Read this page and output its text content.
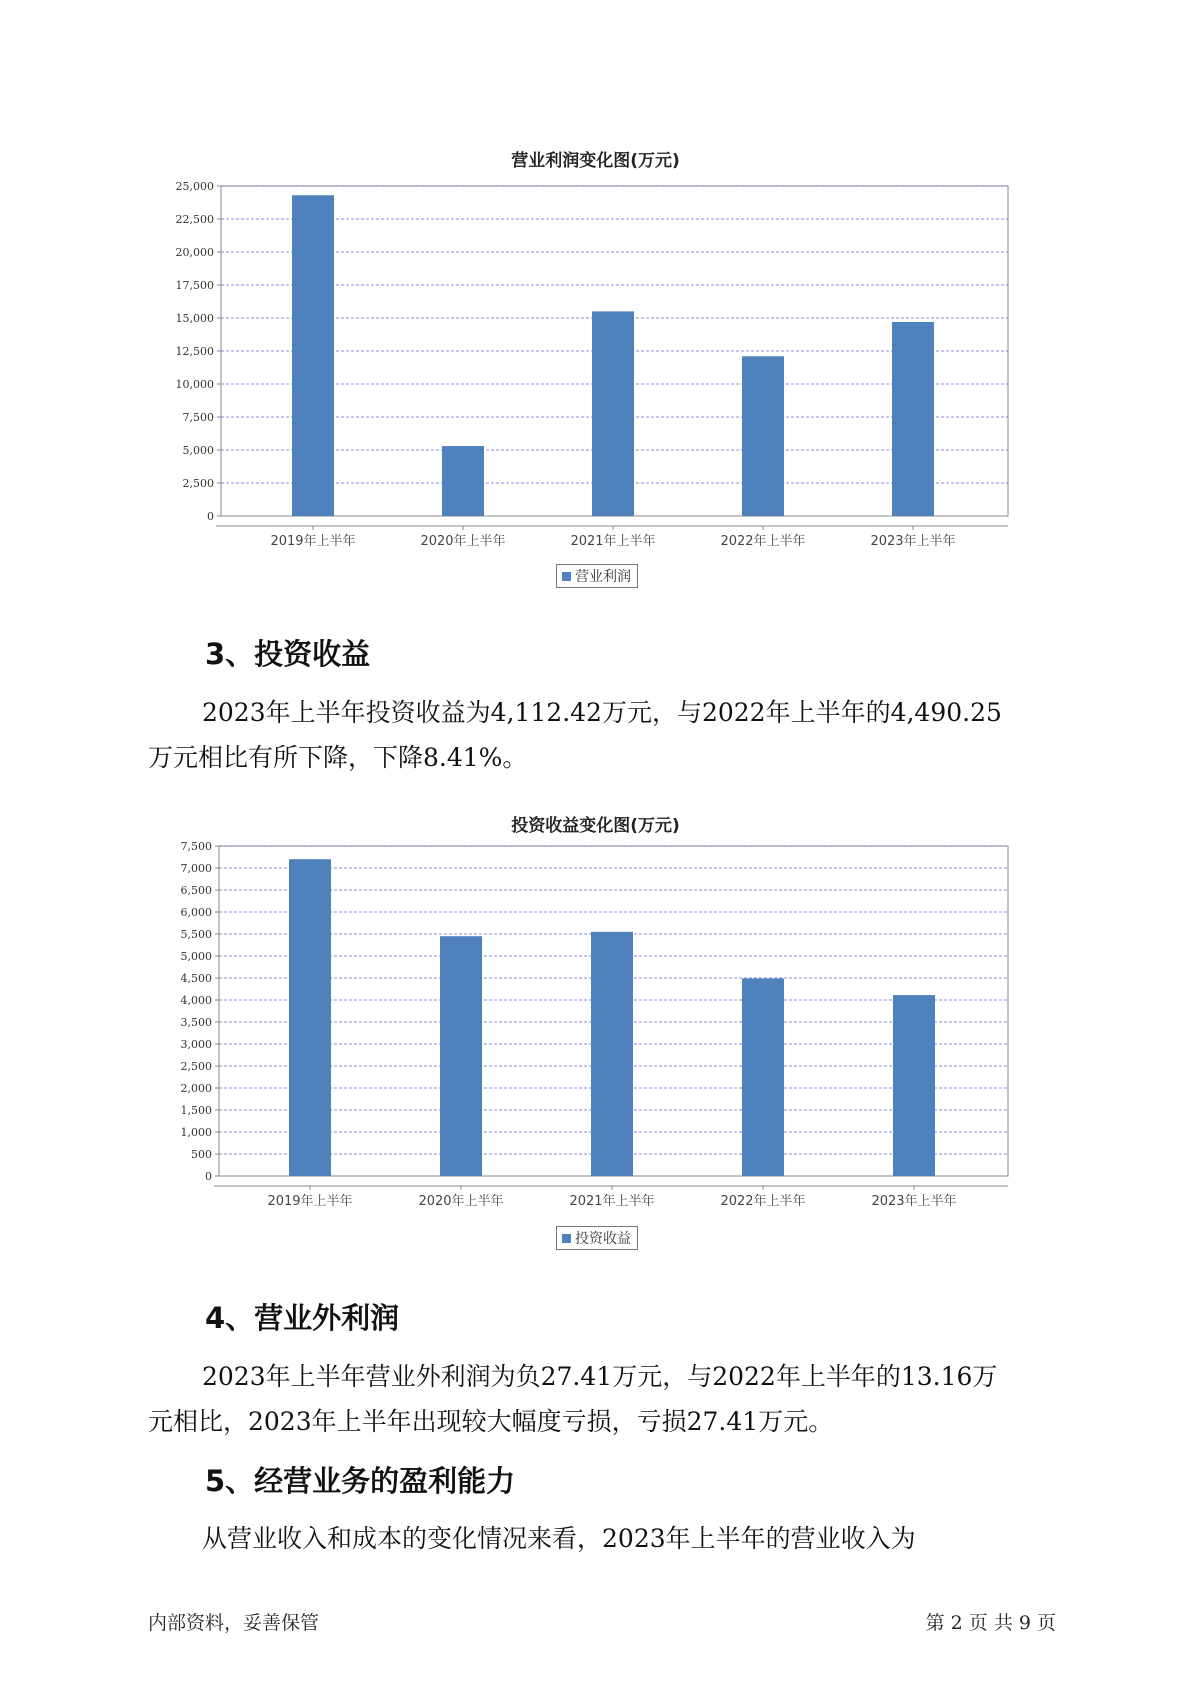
营业利润变化图(万元)
0
2,500
5,000
7,500
10,000
12,500
15,000
17,500
20,000
22,500
25,000
2019年上半年	2020年上半年	2021年上半年	2022年上半年	2023年上半年
营业利润
3、投资收益

2023年上半年投资收益为4,112.42万元，与2022年上半年的4,490.25
万元相比有所下降，下降8.41%。

投资收益变化图(万元)
0
500
1,000
1,500
2,000
2,500
3,000
3,500
4,000
4,500
5,000
5,500
6,000
6,500
7,000
7,500
2019年上半年	2020年上半年	2021年上半年	2022年上半年	2023年上半年
投资收益
4、营业外利润

2023年上半年营业外利润为负27.41万元，与2022年上半年的13.16万
元相比，2023年上半年出现较大幅度亏损，亏损27.41万元。

5、经营业务的盈利能力

从营业收入和成本的变化情况来看，2023年上半年的营业收入为

内部资料，妥善保管	第 2 页 共 9 页
